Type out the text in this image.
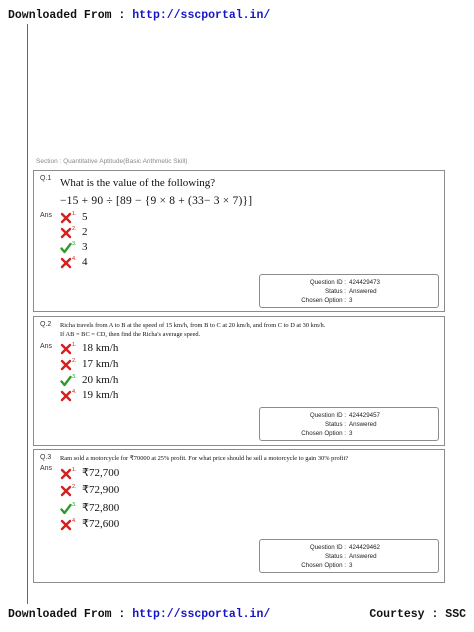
Downloaded From : http://sscportal.in/
Section : Quantitative Aptitude(Basic Arithmetic Skill)
Q.1 What is the value of the following?
−15 + 90 ÷ [89 − {9 × 8 + (33− 3 × 7)}]
Ans	1. 5
2. 2
3. 3
4. 4
Question ID : 424429473
Status : Answered
Chosen Option : 3
Q.2 Richa travels from A to B at the speed of 15 km/h, from B to C at 20 km/h, and from C to D at 30 km/h.
If AB = BC = CD, then find the Richa's average speed.
Ans	1. 18 km/h
2. 17 km/h
3. 20 km/h
4. 19 km/h
Question ID : 424429457
Status : Answered
Chosen Option : 3
Q.3 Ram sold a motorcycle for ₹70000 at 25% profit. For what price should he sell a motorcycle to gain 30% profit?
Ans	1. ₹72,700
2. ₹72,900
3. ₹72,800
4. ₹72,600
Question ID : 424429462
Status : Answered
Chosen Option : 3
Downloaded From : http://sscportal.in/	Courtesy : SSC
